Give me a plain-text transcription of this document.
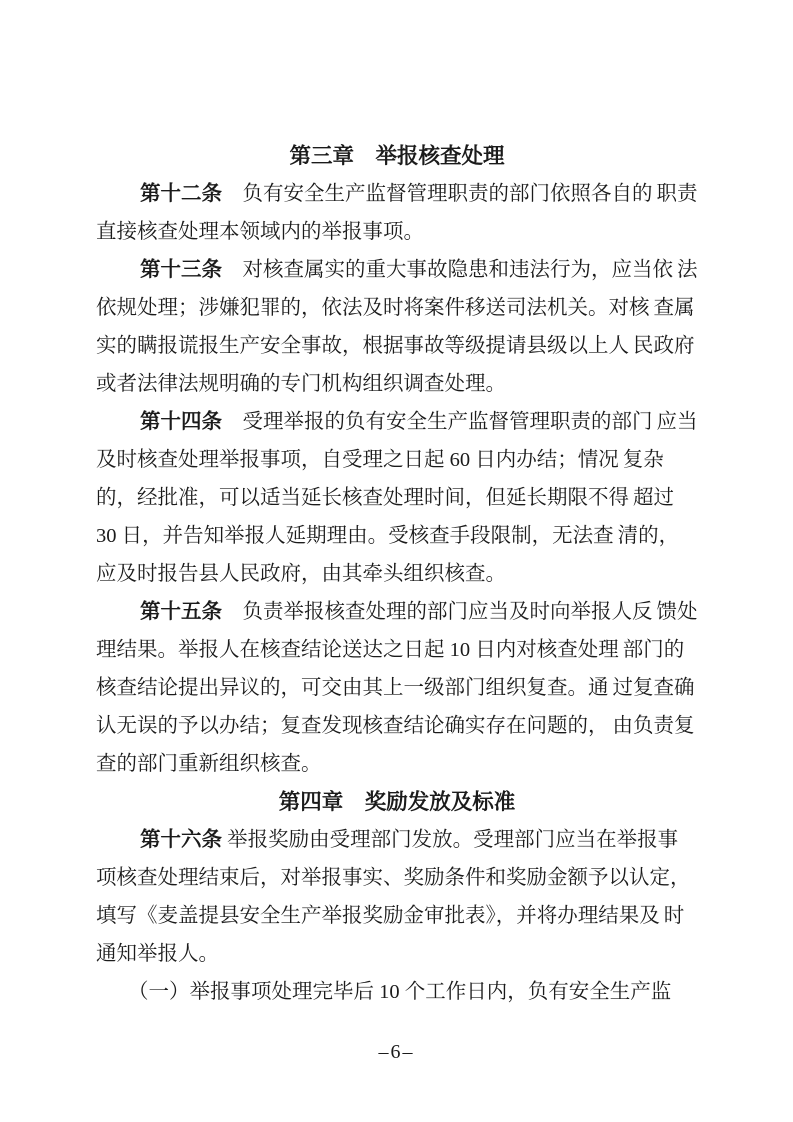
第三章　举报核查处理

第十二条　负有安全生产监督管理职责的部门依照各自的 职责直接核查处理本领域内的举报事项。

第十三条　对核查属实的重大事故隐患和违法行为，应当依 法依规处理；涉嫌犯罪的，依法及时将案件移送司法机关。对核 查属实的瞒报谎报生产安全事故，根据事故等级提请县级以上人 民政府或者法律法规明确的专门机构组织调查处理。

第十四条　受理举报的负有安全生产监督管理职责的部门 应当及时核查处理举报事项，自受理之日起 60 日内办结；情况 复杂的，经批准，可以适当延长核查处理时间，但延长期限不得 超过 30 日，并告知举报人延期理由。受核查手段限制，无法查 清的，应及时报告县人民政府，由其牵头组织核查。

第十五条　负责举报核查处理的部门应当及时向举报人反 馈处理结果。举报人在核查结论送达之日起 10 日内对核查处理 部门的核查结论提出异议的，可交由其上一级部门组织复查。通 过复查确认无误的予以办结；复查发现核查结论确实存在问题的， 由负责复查的部门重新组织核查。

第四章　奖励发放及标准

第十六条 举报奖励由受理部门发放。受理部门应当在举报事 项核查处理结束后，对举报事实、奖励条件和奖励金额予以认定， 填写《麦盖提县安全生产举报奖励金审批表》，并将办理结果及 时通知举报人。

（一）举报事项处理完毕后 10 个工作日内，负有安全生产监

–6–
